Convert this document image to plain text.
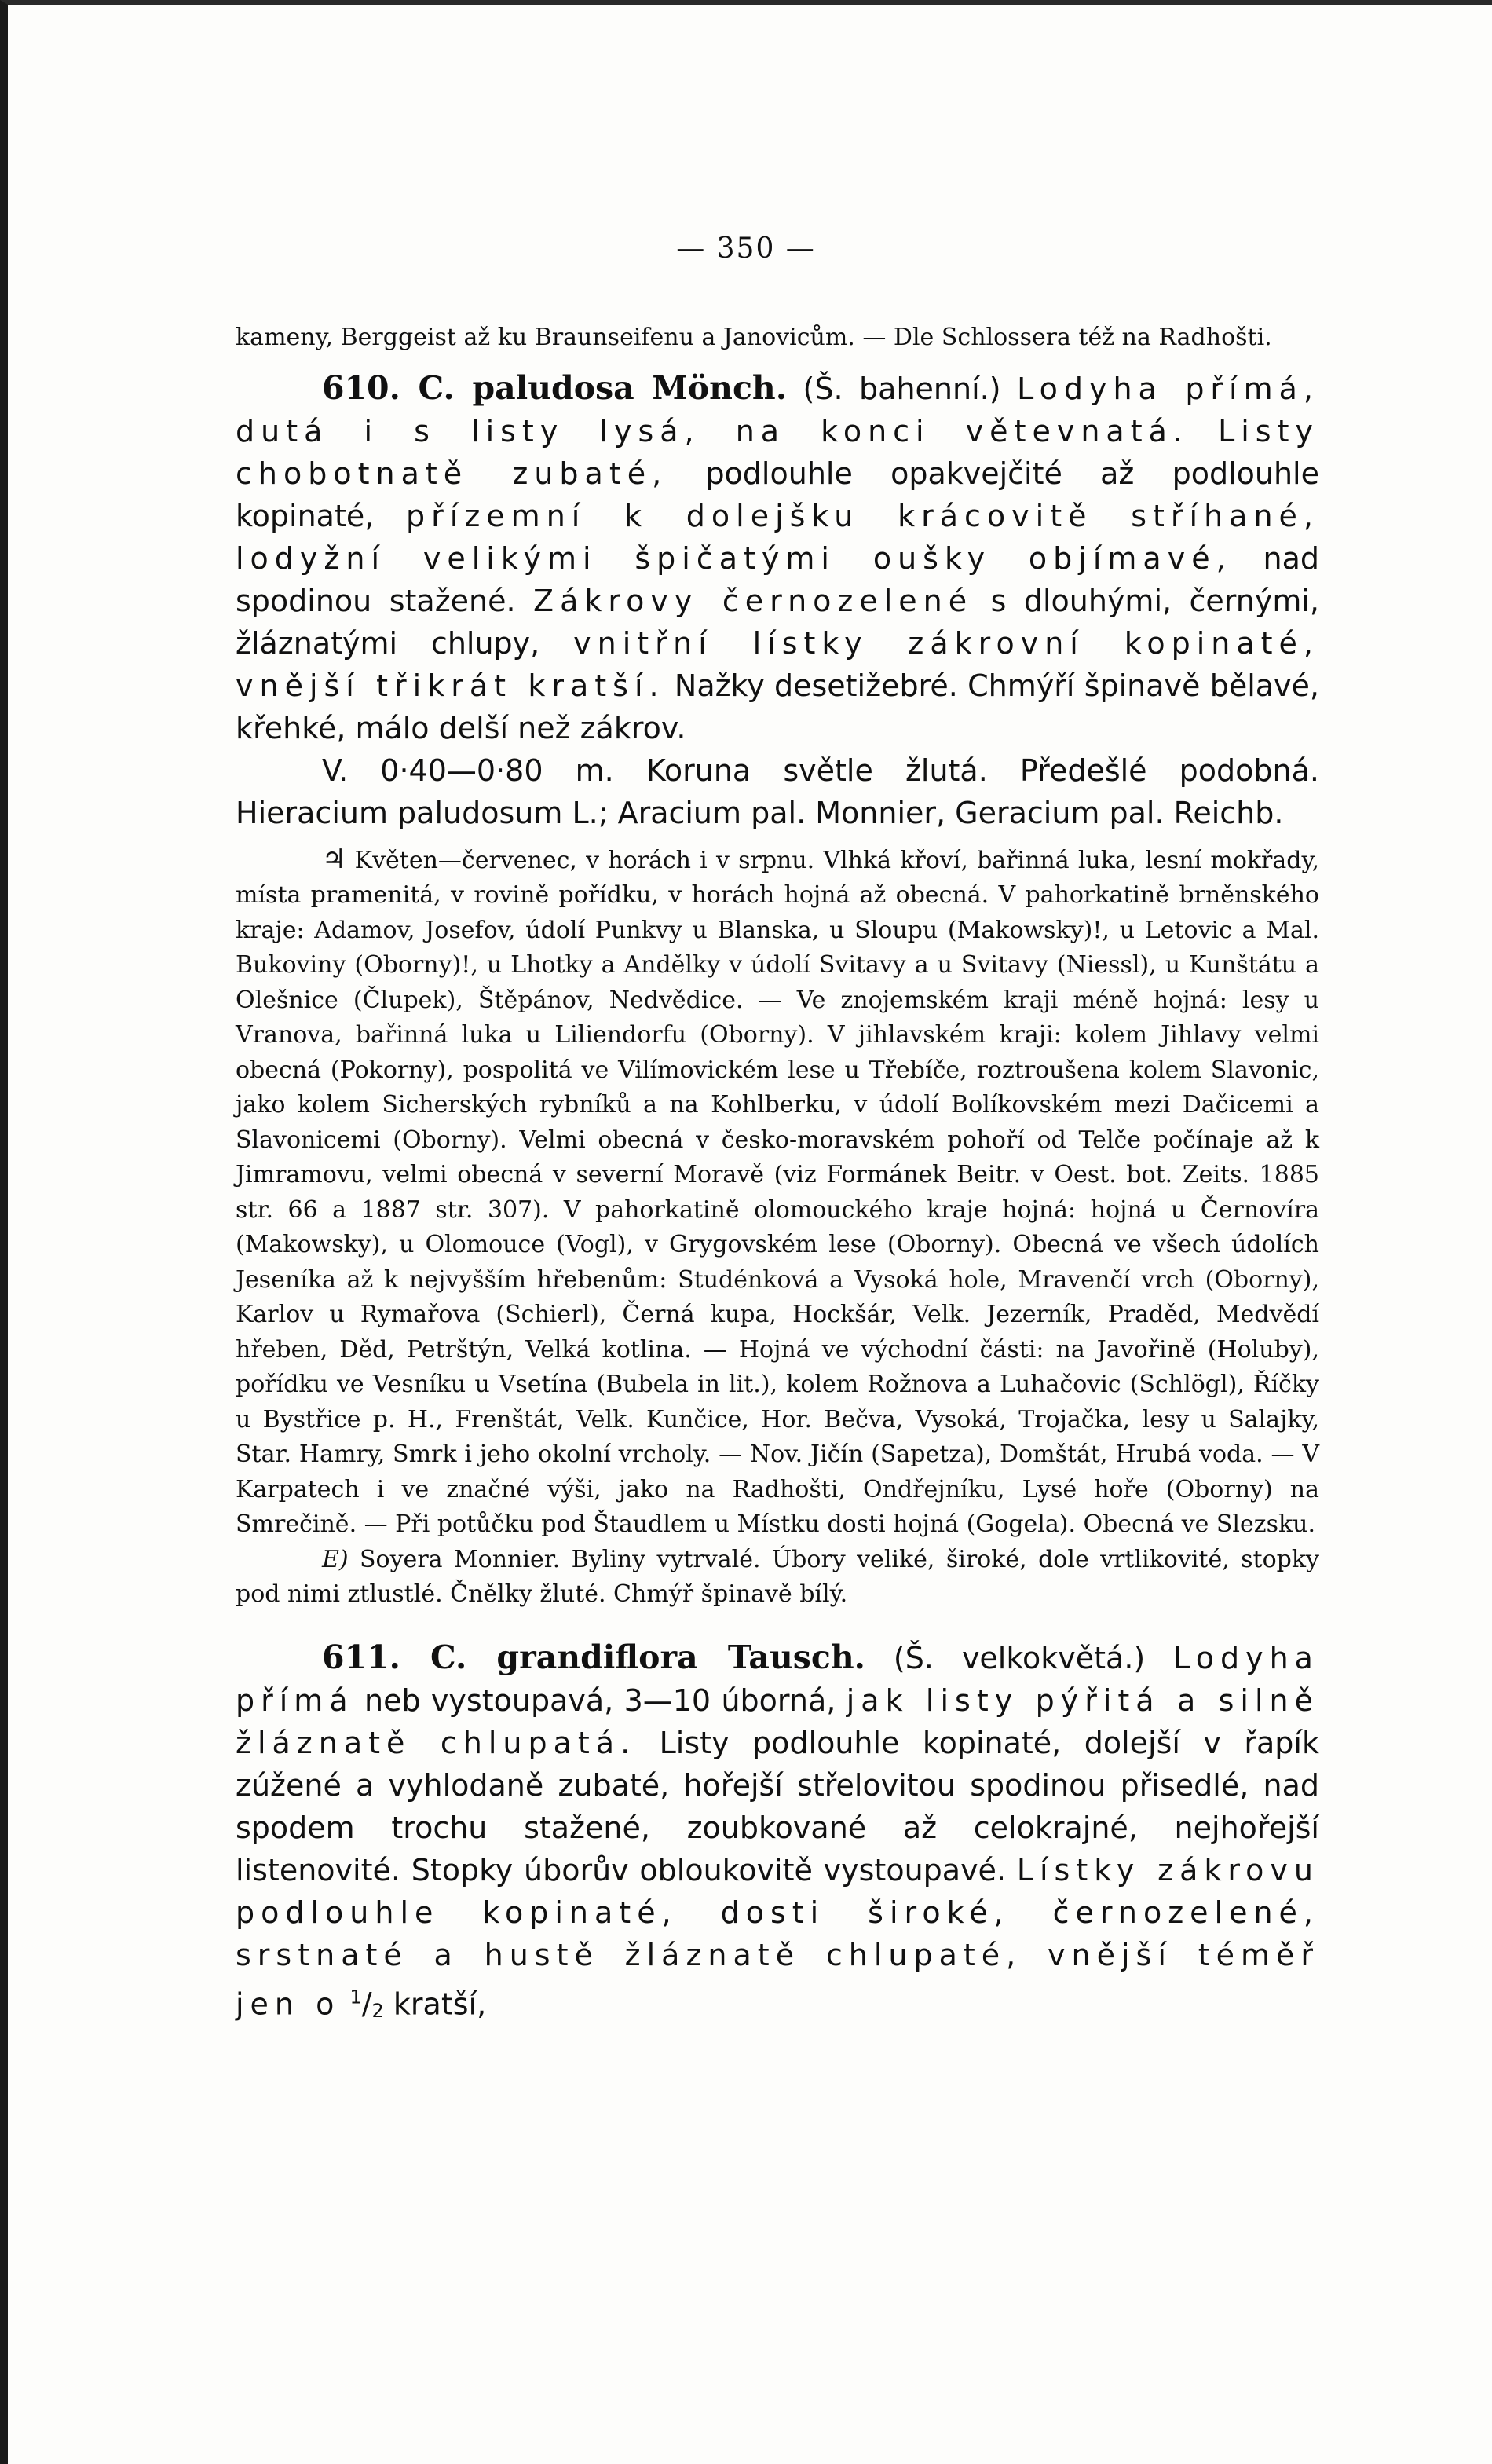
— 350 —

kameny, Berggeist až ku Braunseifenu a Janovicům. — Dle Schlossera též na Radhošti.

610. C. paludosa Mönch. (Š. bahenní.) Lodyha přímá, dutá i s listy lysá, na konci větevnatá. Listy chobotnatě zubaté, podlouhle opakvejčité až podlouhle kopinaté, přízemní k dolejšku krácovitě stříhané, lodyžní velikými špičatými oušky objímavé, nad spodinou stažené. Zákrovy černozelené s dlouhými, černými, žláznatými chlupy, vnitřní lístky zákrovní kopinaté, vnější třikrát kratší. Nažky desetižebré. Chmýří špinavě bělavé, křehké, málo delší než zákrov.

V. 0·40—0·80 m. Koruna světle žlutá. Předešlé podobná. Hieracium paludosum L.; Aracium pal. Monnier, Geracium pal. Reichb.

♃ Květen—červenec, v horách i v srpnu. Vlhká křoví, bařinná luka, lesní mokřady, místa pramenitá, v rovině pořídku, v horách hojná až obecná. V pahorkatině brněnského kraje: Adamov, Josefov, údolí Punkvy u Blanska, u Sloupu (Makowsky)!, u Letovic a Mal. Bukoviny (Oborny)!, u Lhotky a Andělky v údolí Svitavy a u Svitavy (Niessl), u Kunštátu a Olešnice (Člupek), Štěpánov, Nedvědice. — Ve znojemském kraji méně hojná: lesy u Vranova, bařinná luka u Liliendorfu (Oborny). V jihlavském kraji: kolem Jihlavy velmi obecná (Pokorny), pospolitá ve Vilímovickém lese u Třebíče, roztroušena kolem Slavonic, jako kolem Sicherských rybníků a na Kohlberku, v údolí Bolíkovském mezi Dačicemi a Slavonicemi (Oborny). Velmi obecná v česko-moravském pohoří od Telče počínaje až k Jimramovu, velmi obecná v severní Moravě (viz Formánek Beitr. v Oest. bot. Zeits. 1885 str. 66 a 1887 str. 307). V pahorkatině olomouckého kraje hojná: hojná u Černovíra (Makowsky), u Olomouce (Vogl), v Grygovském lese (Oborny). Obecná ve všech údolích Jeseníka až k nejvyšším hřebenům: Studénková a Vysoká hole, Mravenčí vrch (Oborny), Karlov u Rymařova (Schierl), Černá kupa, Hockšár, Velk. Jezerník, Praděd, Medvědí hřeben, Děd, Petrštýn, Velká kotlina. — Hojná ve východní části: na Javořině (Holuby), pořídku ve Vesníku u Vsetína (Bubela in lit.), kolem Rožnova a Luhačovic (Schlögl), Říčky u Bystřice p. H., Frenštát, Velk. Kunčice, Hor. Bečva, Vysoká, Trojačka, lesy u Salajky, Star. Hamry, Smrk i jeho okolní vrcholy. — Nov. Jičín (Sapetza), Domštát, Hrubá voda. — V Karpatech i ve značné výši, jako na Radhošti, Ondřejníku, Lysé hoře (Oborny) na Smrečině. — Při potůčku pod Štaudlem u Místku dosti hojná (Gogela). Obecná ve Slezsku.

E) Soyera Monnier. Byliny vytrvalé. Úbory veliké, široké, dole vrtlikovité, stopky pod nimi ztlustlé. Čnělky žluté. Chmýř špinavě bílý.

611. C. grandiflora Tausch. (Š. velkokvětá.) Lodyha přímá neb vystoupavá, 3—10 úborná, jak listy pýřitá a silně žláznatě chlupatá. Listy podlouhle kopinaté, dolejší v řapík zúžené a vyhlodaně zubaté, hořejší střelovitou spodinou přisedlé, nad spodem trochu stažené, zoubkované až celokrajné, nejhořejší listenovité. Stopky úborův obloukovitě vystoupavé. Lístky zákrovu podlouhle kopinaté, dosti široké, černozelené, srstnaté a hustě žláznatě chlupaté, vnější téměř jen o $^1$/2 kratší,
